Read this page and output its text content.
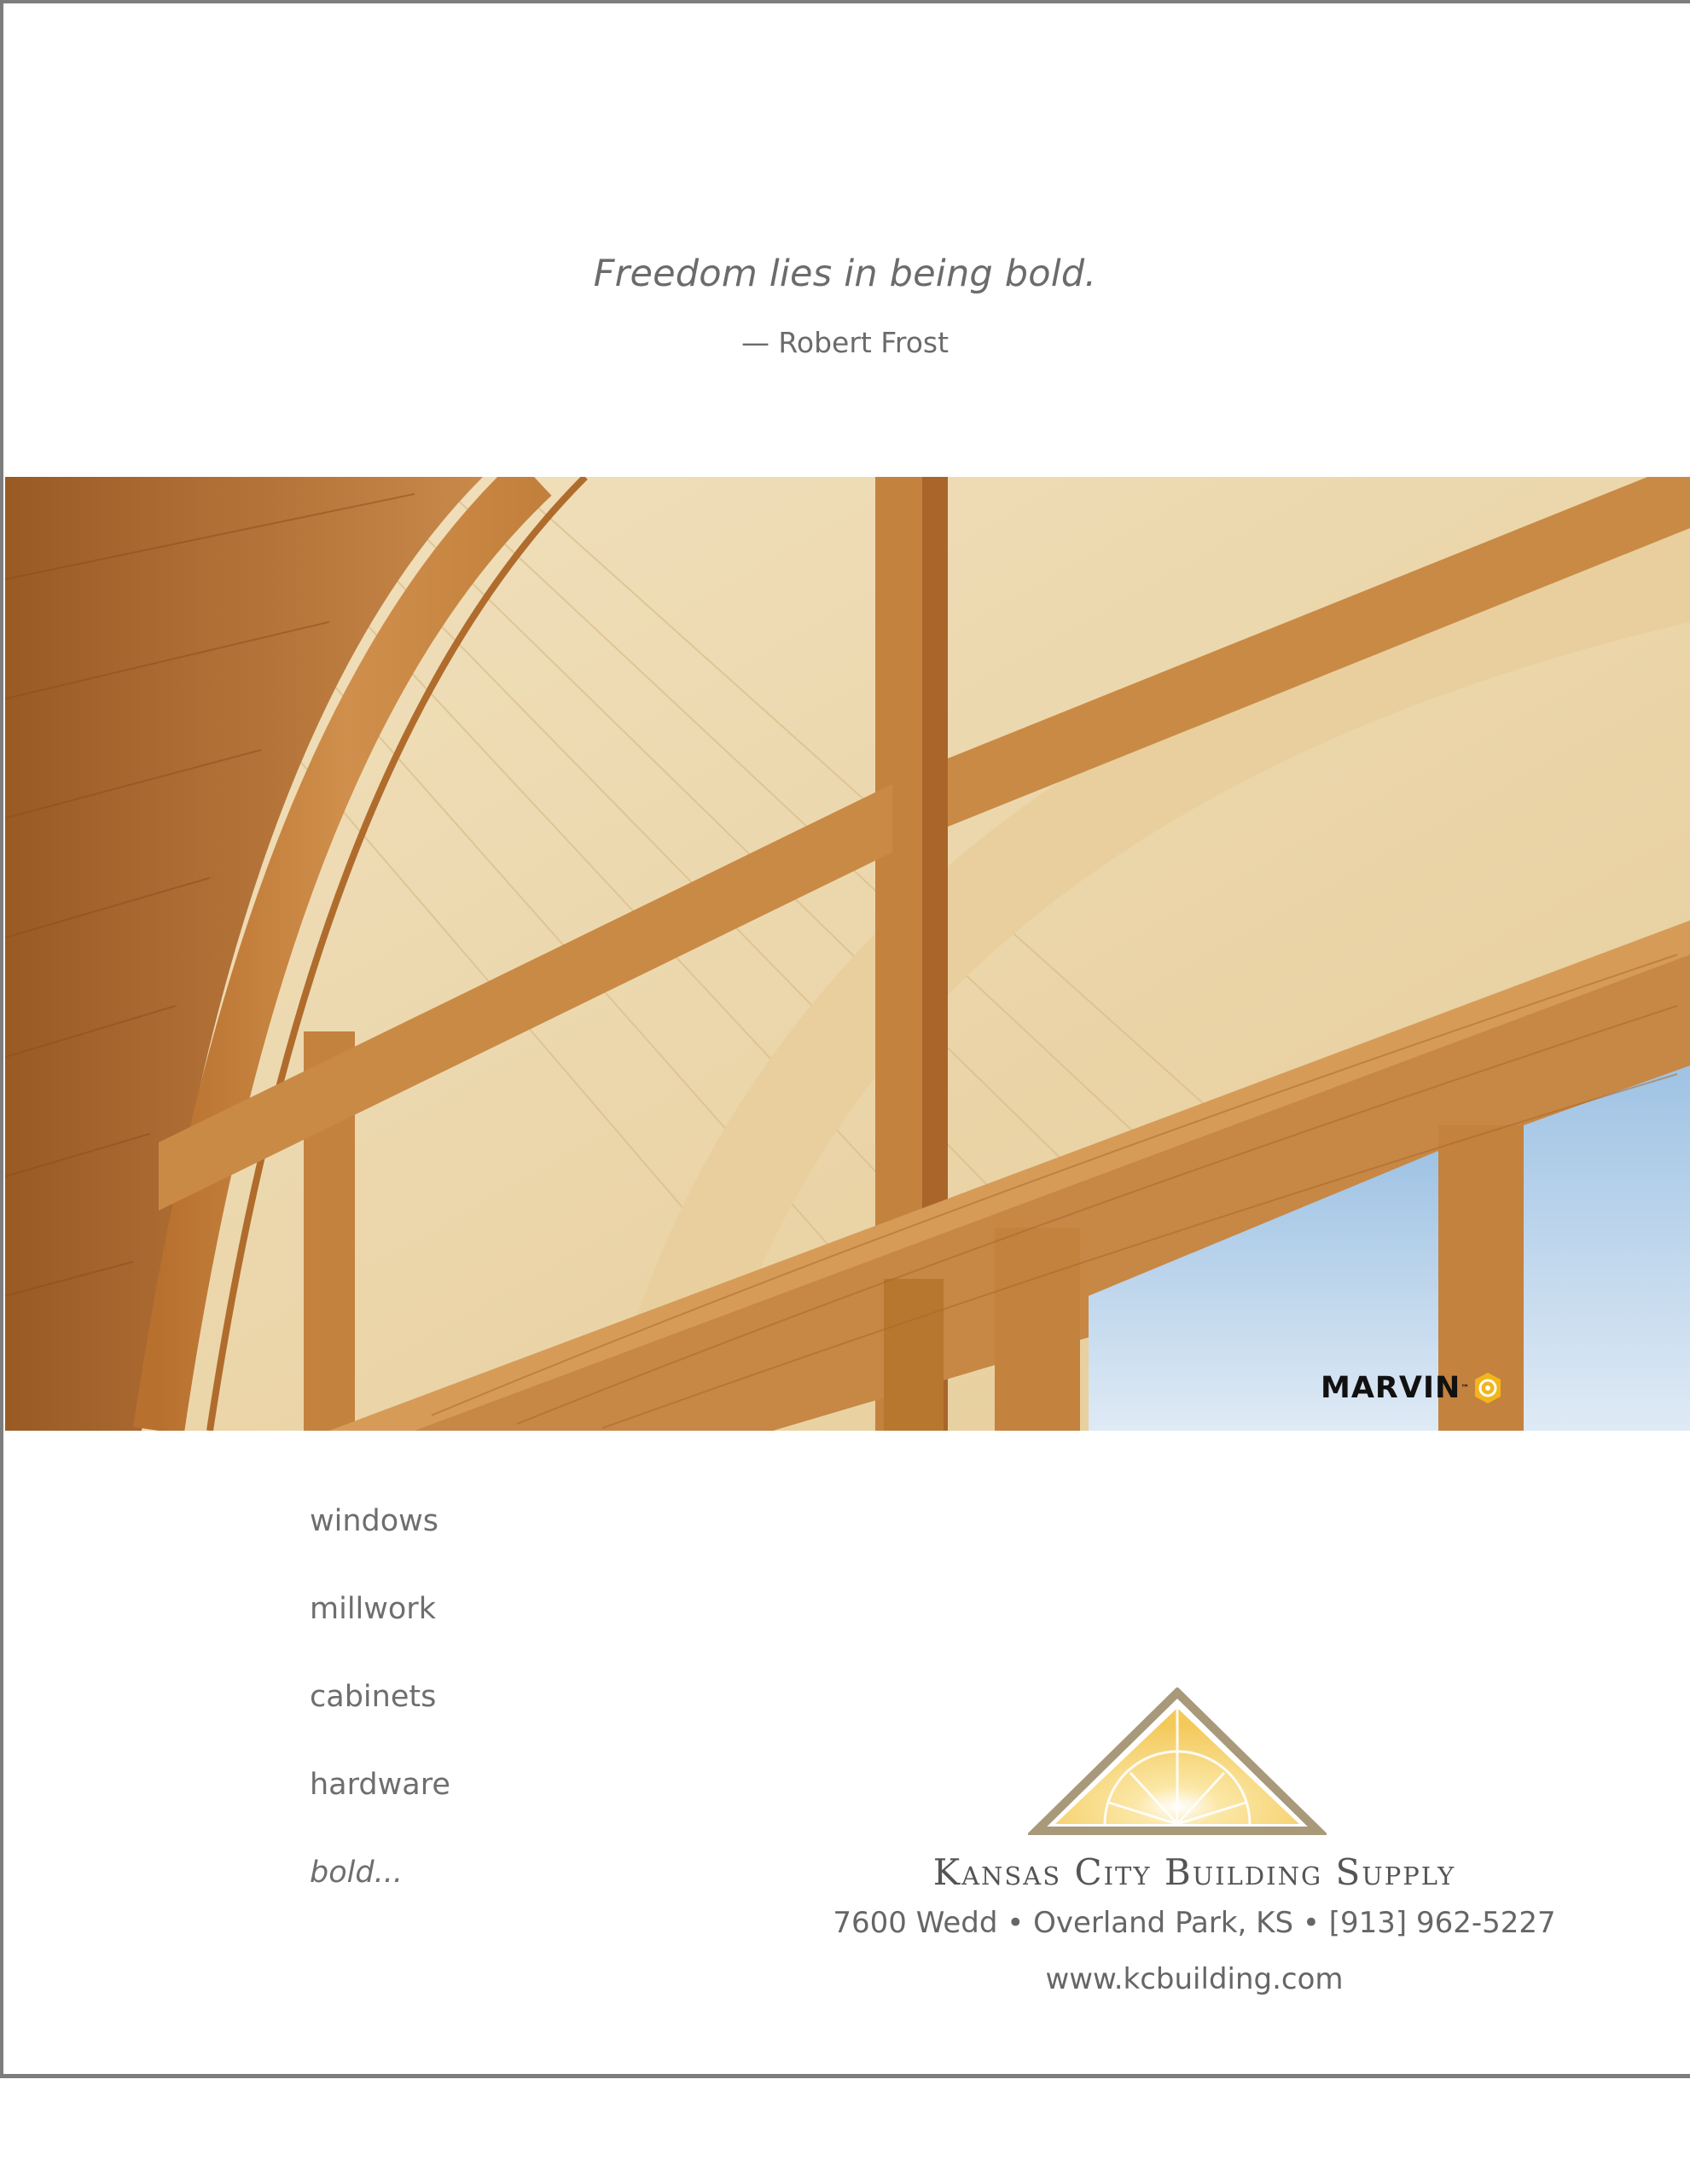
Freedom lies in being bold.
— Robert Frost
MARVIN ™
windows
millwork
cabinets
hardware
bold...	Kansas City Building Supply
7600 Wedd • Overland Park, KS • [913] 962-5227
www.kcbuilding.com
